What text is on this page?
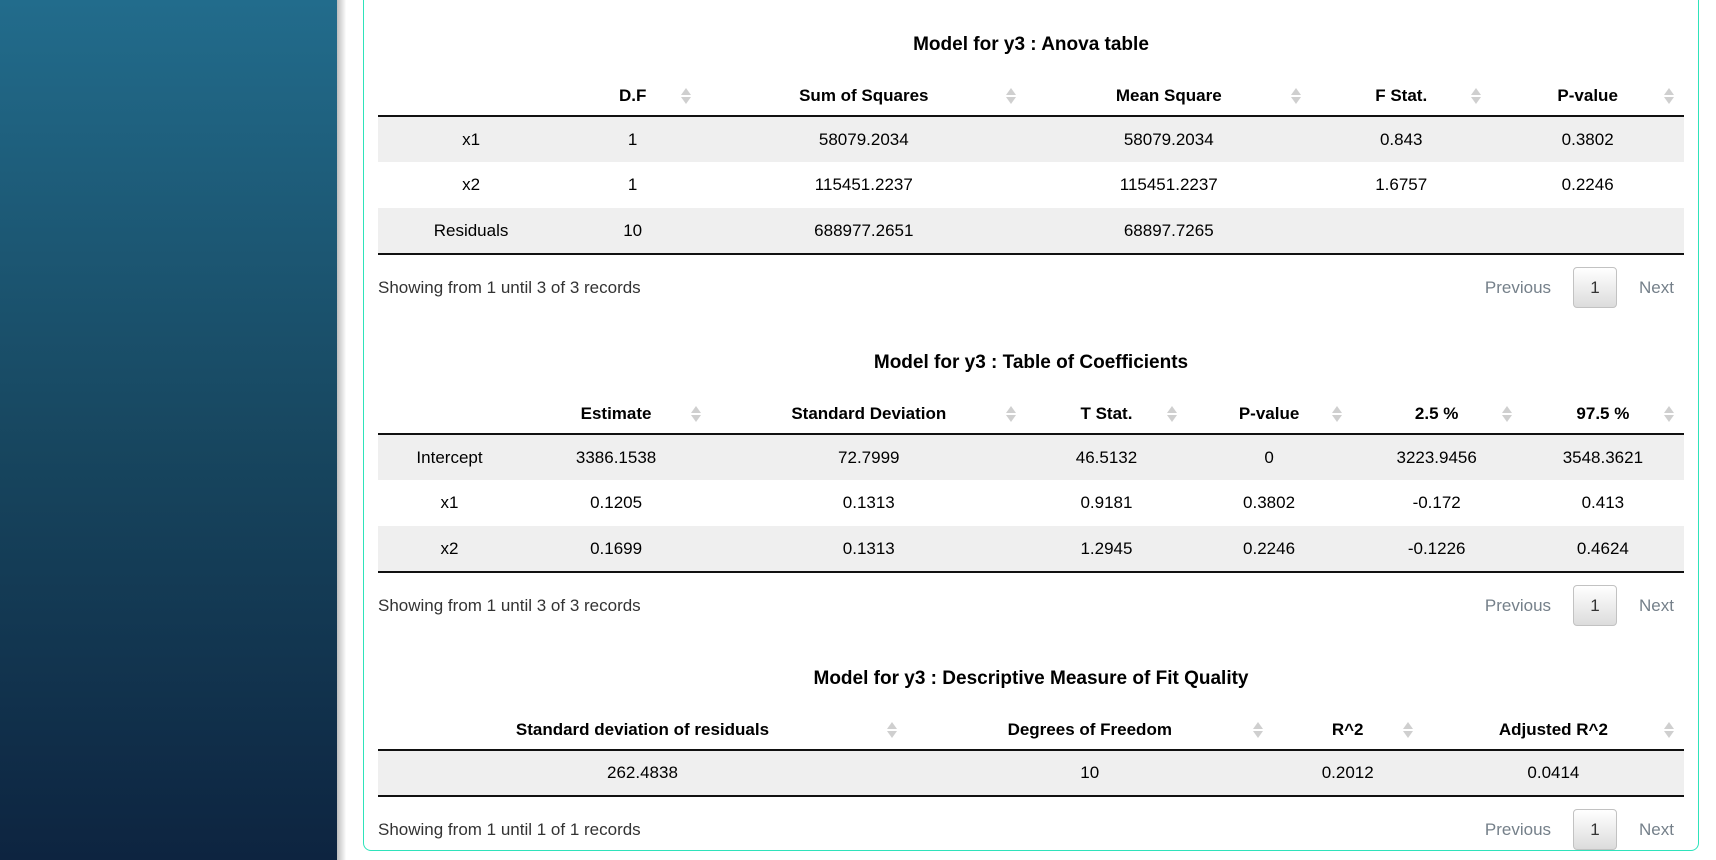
Model for y3 : Anova table
	D.F	Sum of Squares	Mean Square	F Stat.	P-value

x1	1	58079.2034	58079.2034	0.843	0.3802
x2	1	115451.2237	115451.2237	1.6757	0.2246
Residuals	10	688977.2651	68897.7265		
Showing from 1 until 3 of 3 records	Previous	1	Next
Model for y3 : Table of Coefficients
	Estimate	Standard Deviation	T Stat.	P-value	2.5 %	97.5 %

Intercept	3386.1538	72.7999	46.5132	0	3223.9456	3548.3621
x1	0.1205	0.1313	0.9181	0.3802	-0.172	0.413
x2	0.1699	0.1313	1.2945	0.2246	-0.1226	0.4624
Showing from 1 until 3 of 3 records	Previous	1	Next
Model for y3 : Descriptive Measure of Fit Quality
Standard deviation of residuals	Degrees of Freedom	R^2	Adjusted R^2

262.4838	10	0.2012	0.0414
Showing from 1 until 1 of 1 records	Previous	1	Next
